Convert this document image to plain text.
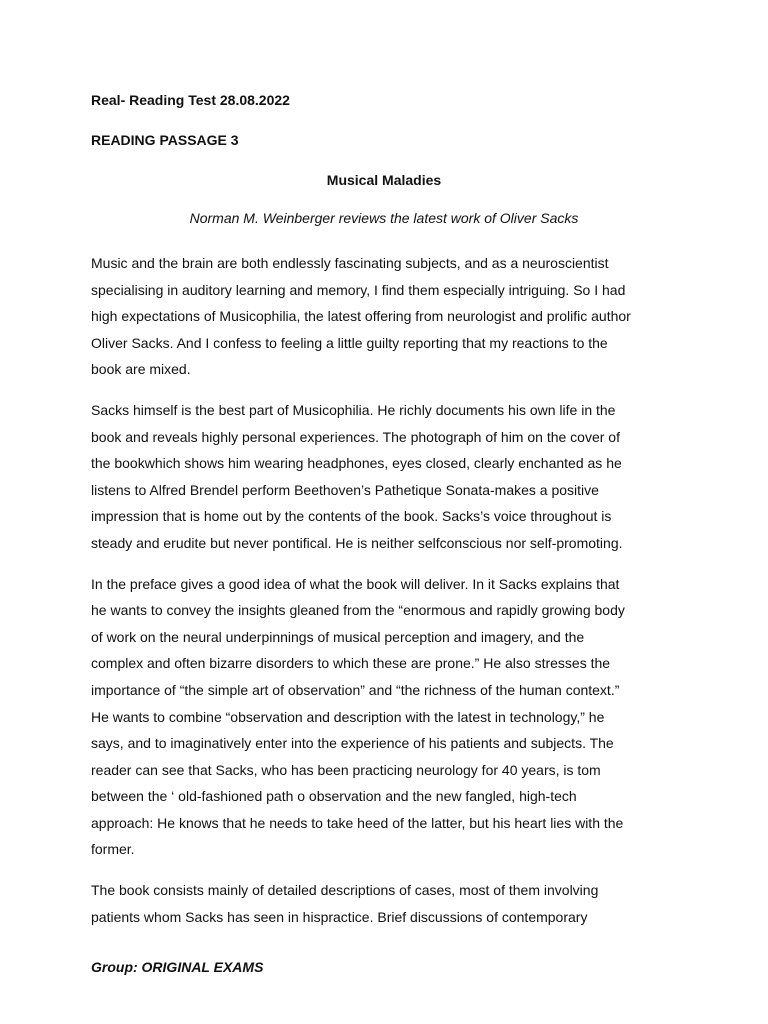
Real- Reading Test 28.08.2022

READING PASSAGE 3

Musical Maladies

Norman M. Weinberger reviews the latest work of Oliver Sacks

Music and the brain are both endlessly fascinating subjects, and as a neuroscientist
specialising in auditory learning and memory, I find them especially intriguing. So I had
high expectations of Musicophilia, the latest offering from neurologist and prolific author
Oliver Sacks. And I confess to feeling a little guilty reporting that my reactions to the
book are mixed.

Sacks himself is the best part of Musicophilia. He richly documents his own life in the
book and reveals highly personal experiences. The photograph of him on the cover of
the bookwhich shows him wearing headphones, eyes closed, clearly enchanted as he
listens to Alfred Brendel perform Beethoven’s Pathetique Sonata-makes a positive
impression that is home out by the contents of the book. Sacks’s voice throughout is
steady and erudite but never pontifical. He is neither selfconscious nor self-promoting.

In the preface gives a good idea of what the book will deliver. In it Sacks explains that
he wants to convey the insights gleaned from the “enormous and rapidly growing body
of work on the neural underpinnings of musical perception and imagery, and the
complex and often bizarre disorders to which these are prone.” He also stresses the
importance of “the simple art of observation” and “the richness of the human context.”
He wants to combine “observation and description with the latest in technology,” he
says, and to imaginatively enter into the experience of his patients and subjects. The
reader can see that Sacks, who has been practicing neurology for 40 years, is tom
between the ‘ old-fashioned path o observation and the new fangled, high-tech
approach: He knows that he needs to take heed of the latter, but his heart lies with the
former.

The book consists mainly of detailed descriptions of cases, most of them involving
patients whom Sacks has seen in hispractice. Brief discussions of contemporary

Group: ORIGINAL EXAMS
